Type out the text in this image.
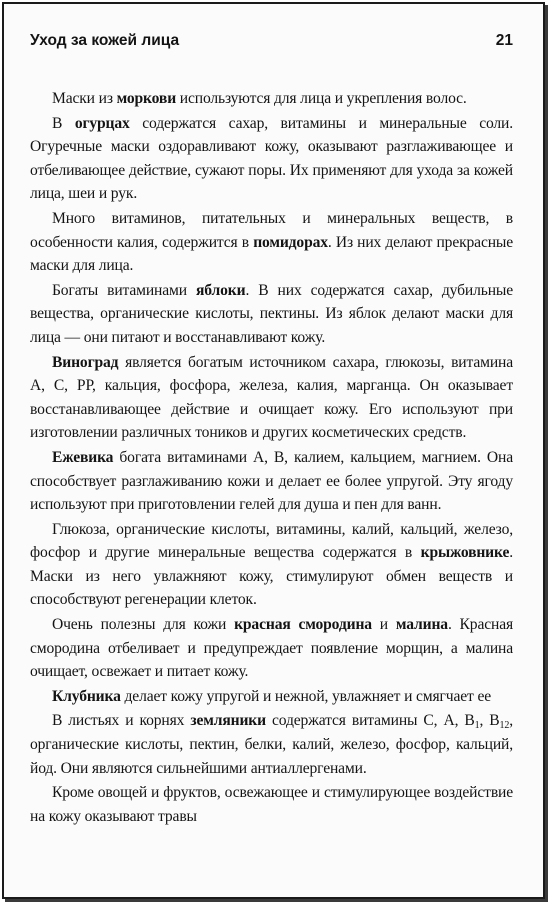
Уход за кожей лица	21

Маски из моркови используются для лица и укрепления волос.

В огурцах содержатся сахар, витамины и минеральные соли. Огуречные маски оздоравливают кожу, оказывают разглаживающее и отбеливающее действие, сужают поры. Их применяют для ухода за кожей лица, шеи и рук.

Много витаминов, питательных и минеральных веществ, в особенности калия, содержится в помидорах. Из них делают прекрасные маски для лица.

Богаты витаминами яблоки. В них содержатся сахар, дубильные вещества, органические кислоты, пектины. Из яблок делают маски для лица — они питают и восстанавливают кожу.

Виноград является богатым источником сахара, глюкозы, витамина А, С, РР, кальция, фосфора, железа, калия, марганца. Он оказывает восстанавливающее действие и очищает кожу. Его используют при изготовлении различных тоников и других косметических средств.

Ежевика богата витаминами А, В, калием, кальцием, магнием. Она способствует разглаживанию кожи и делает ее более упругой. Эту ягоду используют при приготовлении гелей для душа и пен для ванн.

Глюкоза, органические кислоты, витамины, калий, кальций, железо, фосфор и другие минеральные вещества содержатся в крыжовнике. Маски из него увлажняют кожу, стимулируют обмен веществ и способствуют регенерации клеток.

Очень полезны для кожи красная смородина и малина. Красная смородина отбеливает и предупреждает появление морщин, а малина очищает, освежает и питает кожу.

Клубника делает кожу упругой и нежной, увлажняет и смягчает ее

В листьях и корнях земляники содержатся витамины С, А, $В_1$, $В_{12}$, органические кислоты, пектин, белки, калий, железо, фосфор, кальций, йод. Они являются сильнейшими антиаллергенами.

Кроме овощей и фруктов, освежающее и стимулирующее воздействие на кожу оказывают травы
